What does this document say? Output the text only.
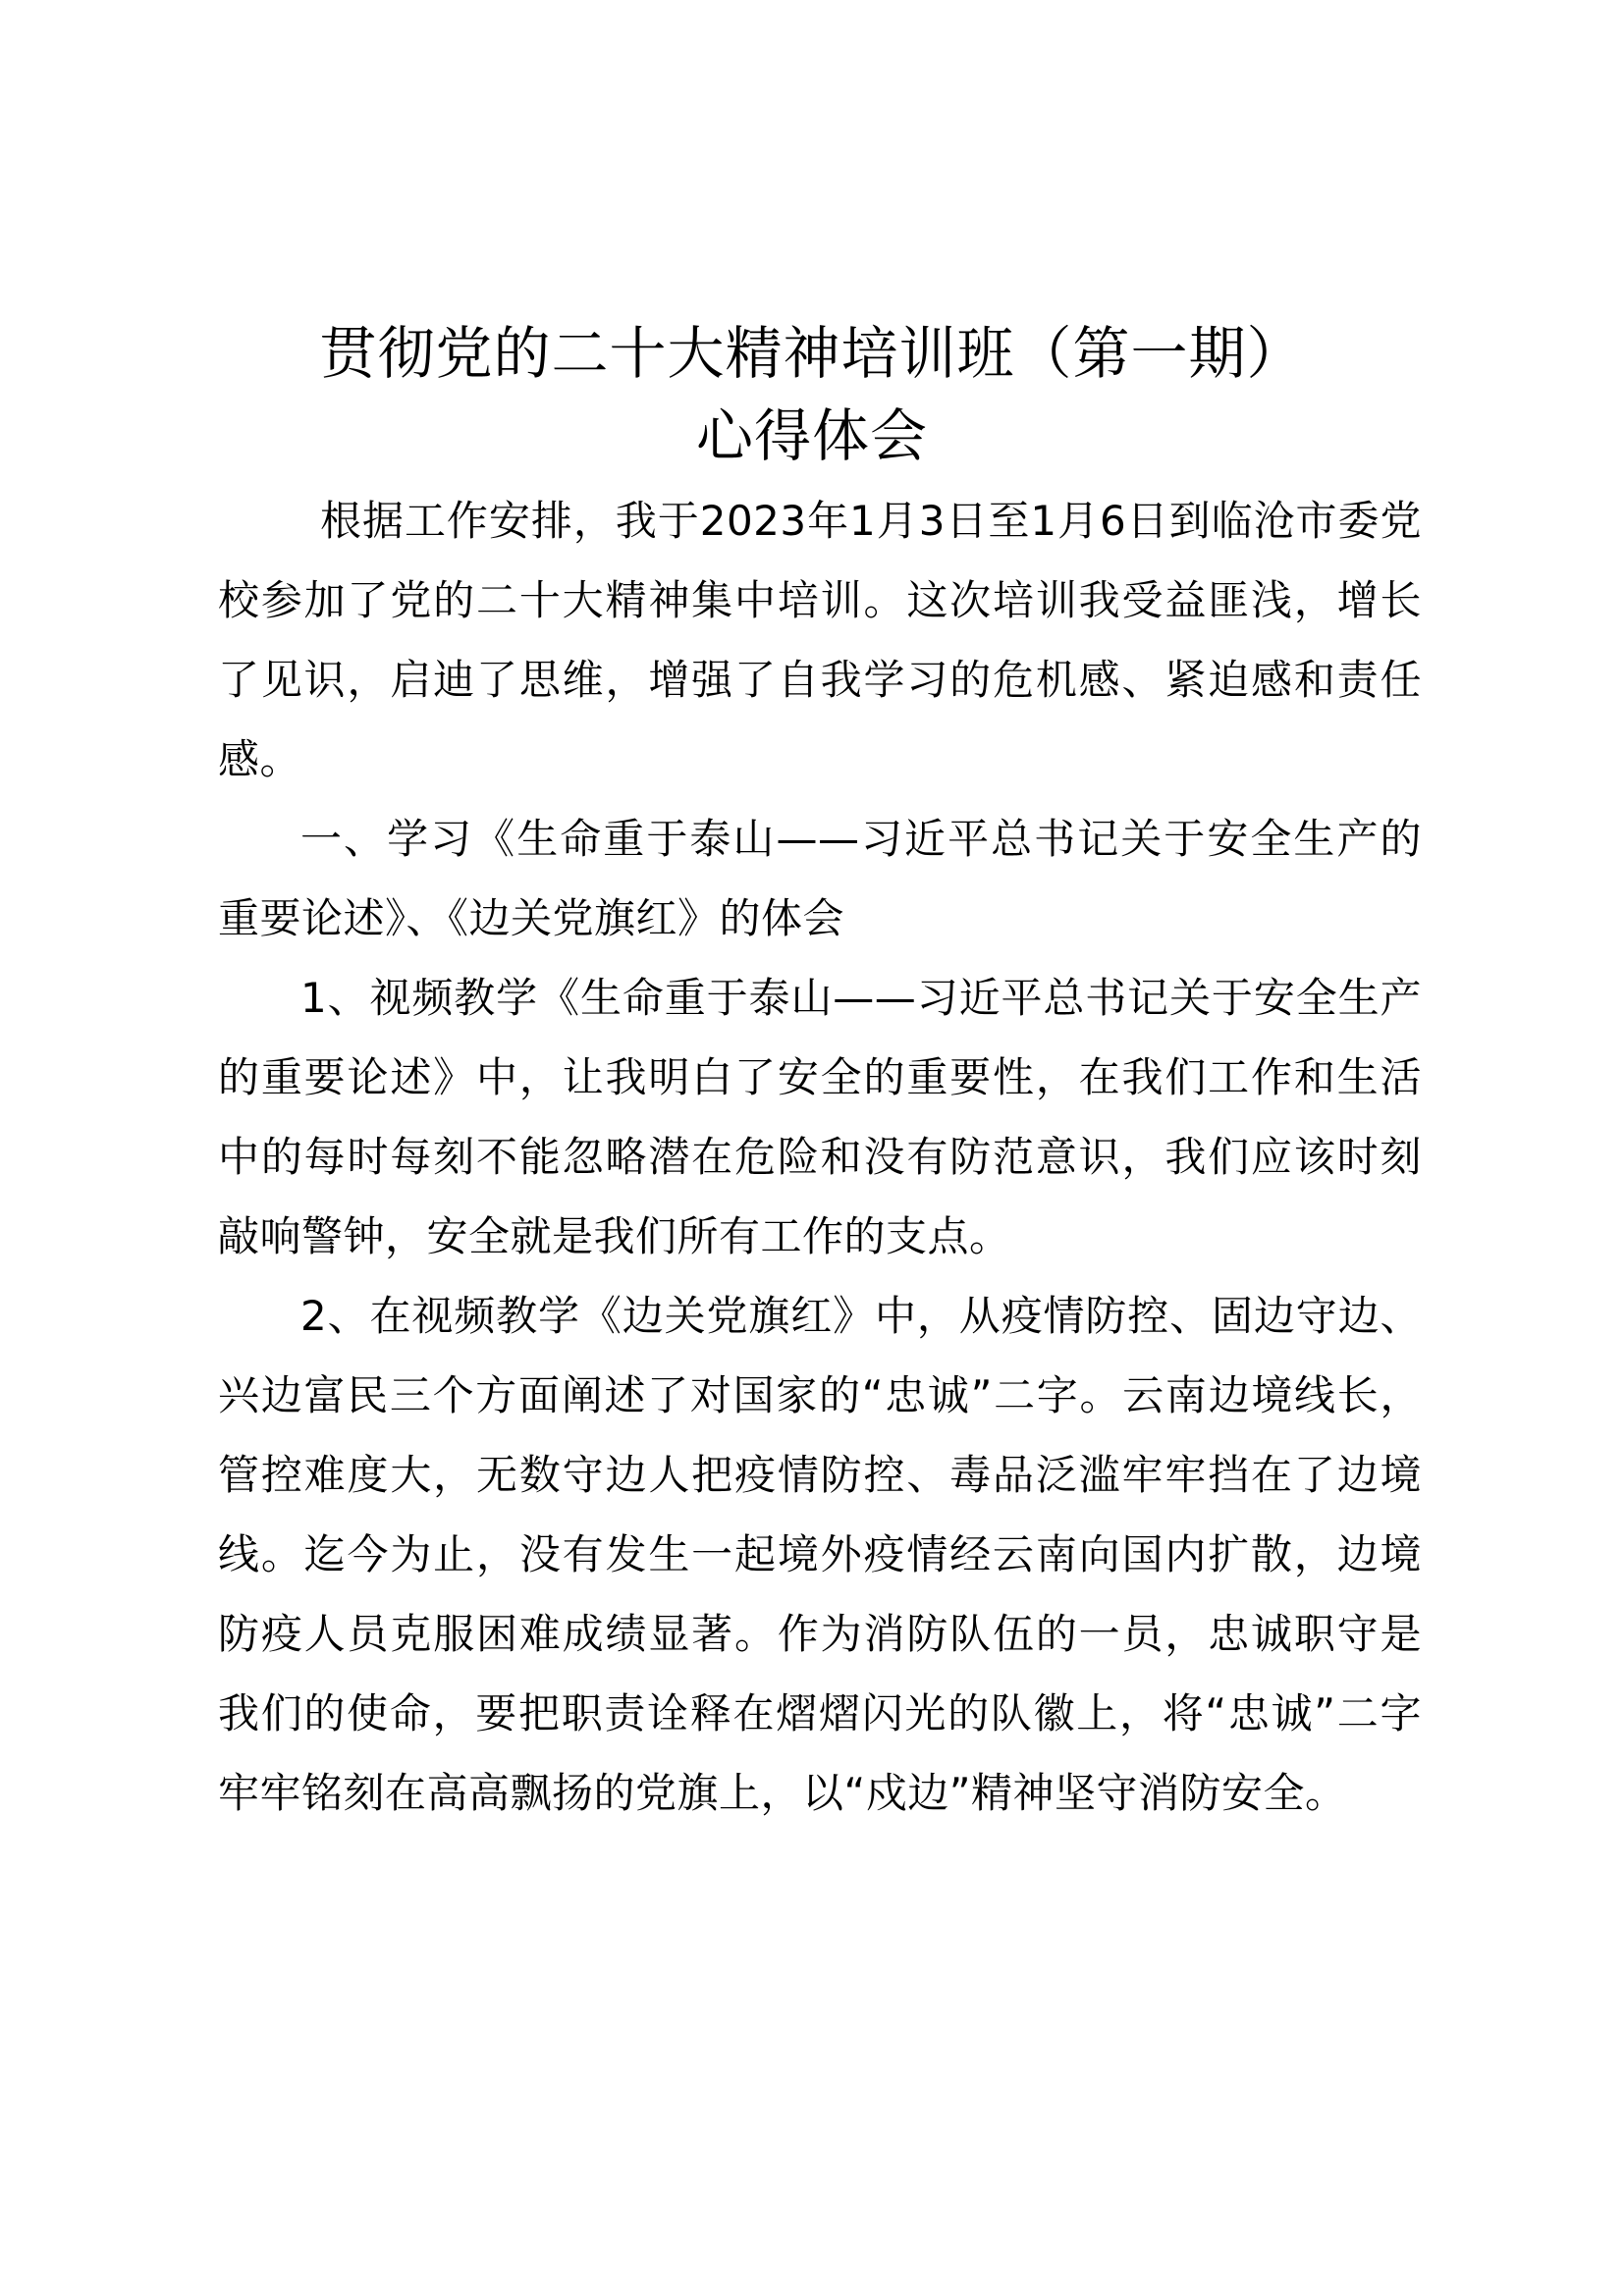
贯彻党的二十大精神培训班（第一期）
心得体会

根据工作安排，我于2023年1月3日至1月6日到临沧市委党校参加了党的二十大精神集中培训。这次培训我受益匪浅，增长了见识，启迪了思维，增强了自我学习的危机感、紧迫感和责任感。

一、学习《生命重于泰山——习近平总书记关于安全生产的重要论述》、《边关党旗红》的体会

1、视频教学《生命重于泰山——习近平总书记关于安全生产的重要论述》中，让我明白了安全的重要性，在我们工作和生活中的每时每刻不能忽略潜在危险和没有防范意识，我们应该时刻敲响警钟，安全就是我们所有工作的支点。

2、在视频教学《边关党旗红》中，从疫情防控、固边守边、兴边富民三个方面阐述了对国家的“忠诚”二字。云南边境线长，管控难度大，无数守边人把疫情防控、毒品泛滥牢牢挡在了边境线。迄今为止，没有发生一起境外疫情经云南向国内扩散，边境防疫人员克服困难成绩显著。作为消防队伍的一员，忠诚职守是我们的使命，要把职责诠释在熠熠闪光的队徽上，将“忠诚”二字牢牢铭刻在高高飘扬的党旗上，以“戍边”精神坚守消防安全。
